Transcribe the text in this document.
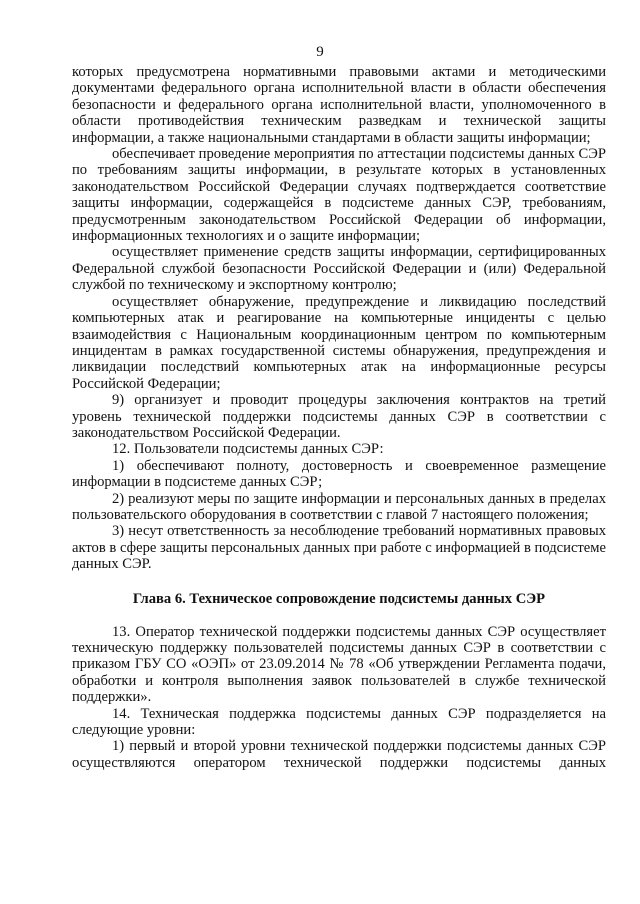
9

которых предусмотрена нормативными правовыми актами и методическими документами федерального органа исполнительной власти в области обеспечения безопасности и федерального органа исполнительной власти, уполномоченного в области противодействия техническим разведкам и технической защиты информации, а также национальными стандартами в области защиты информации;

обеспечивает проведение мероприятия по аттестации подсистемы данных СЭР по требованиям защиты информации, в результате которых в установленных законодательством Российской Федерации случаях подтверждается соответствие защиты информации, содержащейся в подсистеме данных СЭР, требованиям, предусмотренным законодательством Российской Федерации об информации, информационных технологиях и о защите информации;

осуществляет применение средств защиты информации, сертифицированных Федеральной службой безопасности Российской Федерации и (или) Федеральной службой по техническому и экспортному контролю;

осуществляет обнаружение, предупреждение и ликвидацию последствий компьютерных атак и реагирование на компьютерные инциденты с целью взаимодействия с Национальным координационным центром по компьютерным инцидентам в рамках государственной системы обнаружения, предупреждения и ликвидации последствий компьютерных атак на информационные ресурсы Российской Федерации;

9) организует и проводит процедуры заключения контрактов на третий уровень технической поддержки подсистемы данных СЭР в соответствии с законодательством Российской Федерации.

12. Пользователи подсистемы данных СЭР:

1) обеспечивают полноту, достоверность и своевременное размещение информации в подсистеме данных СЭР;

2) реализуют меры по защите информации и персональных данных в пределах пользовательского оборудования в соответствии с главой 7 настоящего положения;

3) несут ответственность за несоблюдение требований нормативных правовых актов в сфере защиты персональных данных при работе с информацией в подсистеме данных СЭР.

Глава 6. Техническое сопровождение подсистемы данных СЭР

13. Оператор технической поддержки подсистемы данных СЭР осуществляет техническую поддержку пользователей подсистемы данных СЭР в соответствии с приказом ГБУ СО «ОЭП» от 23.09.2014 № 78 «Об утверждении Регламента подачи, обработки и контроля выполнения заявок пользователей в службе технической поддержки».

14. Техническая поддержка подсистемы данных СЭР подразделяется на следующие уровни:

1) первый и второй уровни технической поддержки подсистемы данных СЭР осуществляются оператором технической поддержки подсистемы данных
